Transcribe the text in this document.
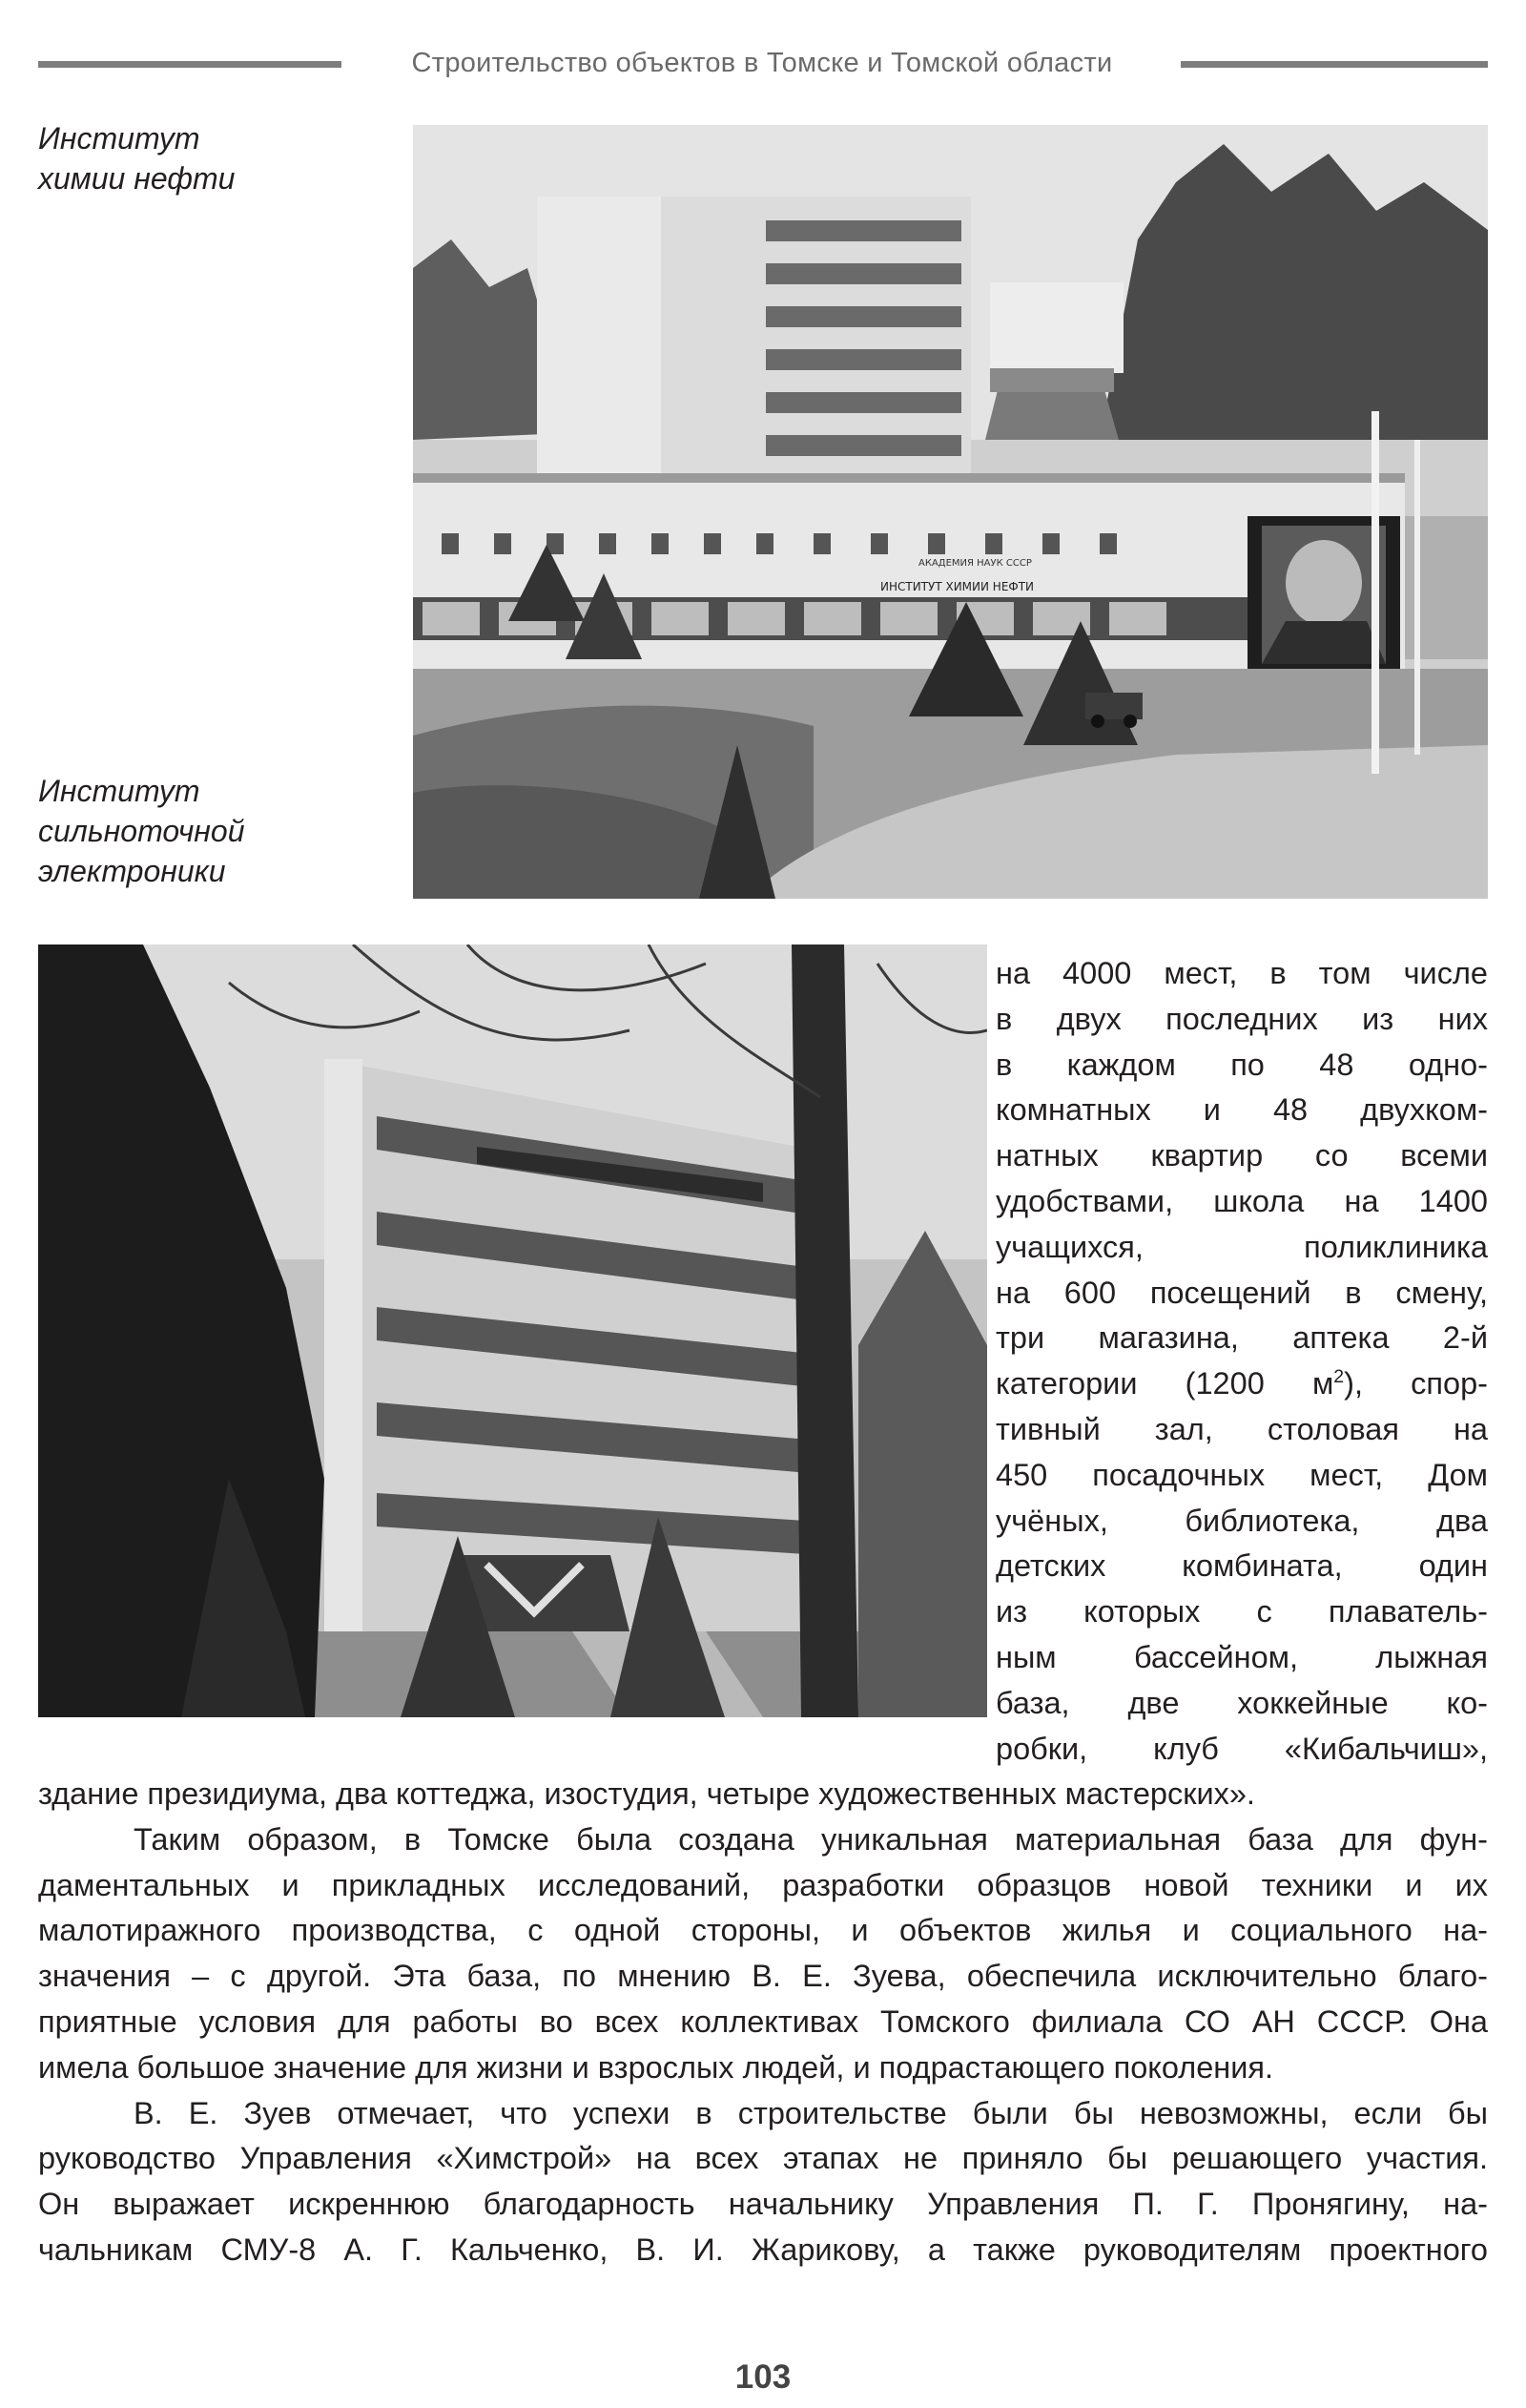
Строительство объектов в Томске и Томской области
Институт
химии нефти
Институт
сильноточной
электроники
АКАДЕМИЯ НАУК СССР
ИНСТИТУТ ХИМИИ НЕФТИ
на 4000 мест, в том числе
в двух последних из них
в каждом по 48 одно-
комнатных и 48 двухком-
натных квартир со всеми
удобствами, школа на 1400
учащихся, поликлиника
на 600 посещений в смену,
три магазина, аптека 2-й
категории (1200 $м^2$), спор-
тивный зал, столовая на
450 посадочных мест, Дом
учёных, библиотека, два
детских комбината, один
из которых с плаватель-
ным бассейном, лыжная
база, две хоккейные ко-
робки, клуб «Кибальчиш»,
здание президиума, два коттеджа, изостудия, четыре художественных мастерских».
Таким образом, в Томске была создана уникальная материальная база для фун-
даментальных и прикладных исследований, разработки образцов новой техники и их
малотиражного производства, с одной стороны, и объектов жилья и социального на-
значения – с другой. Эта база, по мнению В. Е. Зуева, обеспечила исключительно благо-
приятные условия для работы во всех коллективах Томского филиала СО АН СССР. Она
имела большое значение для жизни и взрослых людей, и подрастающего поколения.
В. Е. Зуев отмечает, что успехи в строительстве были бы невозможны, если бы
руководство Управления «Химстрой» на всех этапах не приняло бы решающего участия.
Он выражает искреннюю благодарность начальнику Управления П. Г. Пронягину, на-
чальникам СМУ-8 А. Г. Кальченко, В. И. Жарикову, а также руководителям проектного
103
